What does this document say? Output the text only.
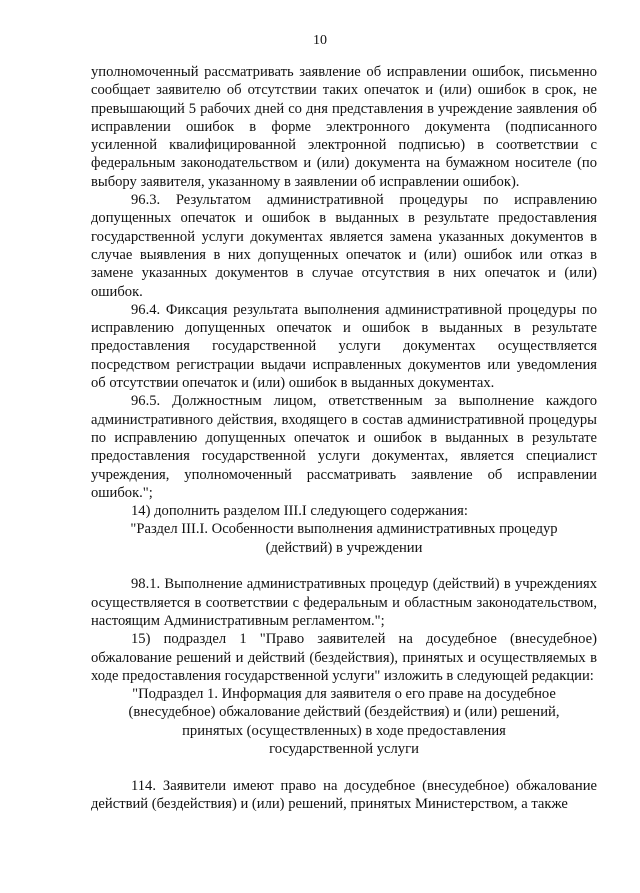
10

уполномоченный рассматривать заявление об исправлении ошибок, письменно сообщает заявителю об отсутствии таких опечаток и (или) ошибок в срок, не превышающий 5 рабочих дней со дня представления в учреждение заявления об исправлении ошибок в форме электронного документа (подписанного усиленной квалифицированной электронной подписью) в соответствии с федеральным законодательством и (или) документа на бумажном носителе (по выбору заявителя, указанному в заявлении об исправлении ошибок).

96.3. Результатом административной процедуры по исправлению допущенных опечаток и ошибок в выданных в результате предоставления государственной услуги документах является замена указанных документов в случае выявления в них допущенных опечаток и (или) ошибок или отказ в замене указанных документов в случае отсутствия в них опечаток и (или) ошибок.

96.4. Фиксация результата выполнения административной процедуры по исправлению допущенных опечаток и ошибок в выданных в результате предоставления государственной услуги документах осуществляется посредством регистрации выдачи исправленных документов или уведомления об отсутствии опечаток и (или) ошибок в выданных документах.

96.5. Должностным лицом, ответственным за выполнение каждого административного действия, входящего в состав административной процедуры по исправлению допущенных опечаток и ошибок в выданных в результате предоставления государственной услуги документах, является специалист учреждения, уполномоченный рассматривать заявление об исправлении ошибок.";

14) дополнить разделом III.I следующего содержания:

"Раздел III.I. Особенности выполнения административных процедур
(действий) в учреждении

98.1. Выполнение административных процедур (действий) в учреждениях осуществляется в соответствии с федеральным и областным законодательством, настоящим Административным регламентом.";

15) подраздел 1 "Право заявителей на досудебное (внесудебное) обжалование решений и действий (бездействия), принятых и осуществляемых в ходе предоставления государственной услуги" изложить в следующей редакции:

"Подраздел 1. Информация для заявителя о его праве на досудебное
(внесудебное) обжалование действий (бездействия) и (или) решений,
принятых (осуществленных) в ходе предоставления
государственной услуги

114. Заявители имеют право на досудебное (внесудебное) обжалование действий (бездействия) и (или) решений, принятых Министерством, а также
